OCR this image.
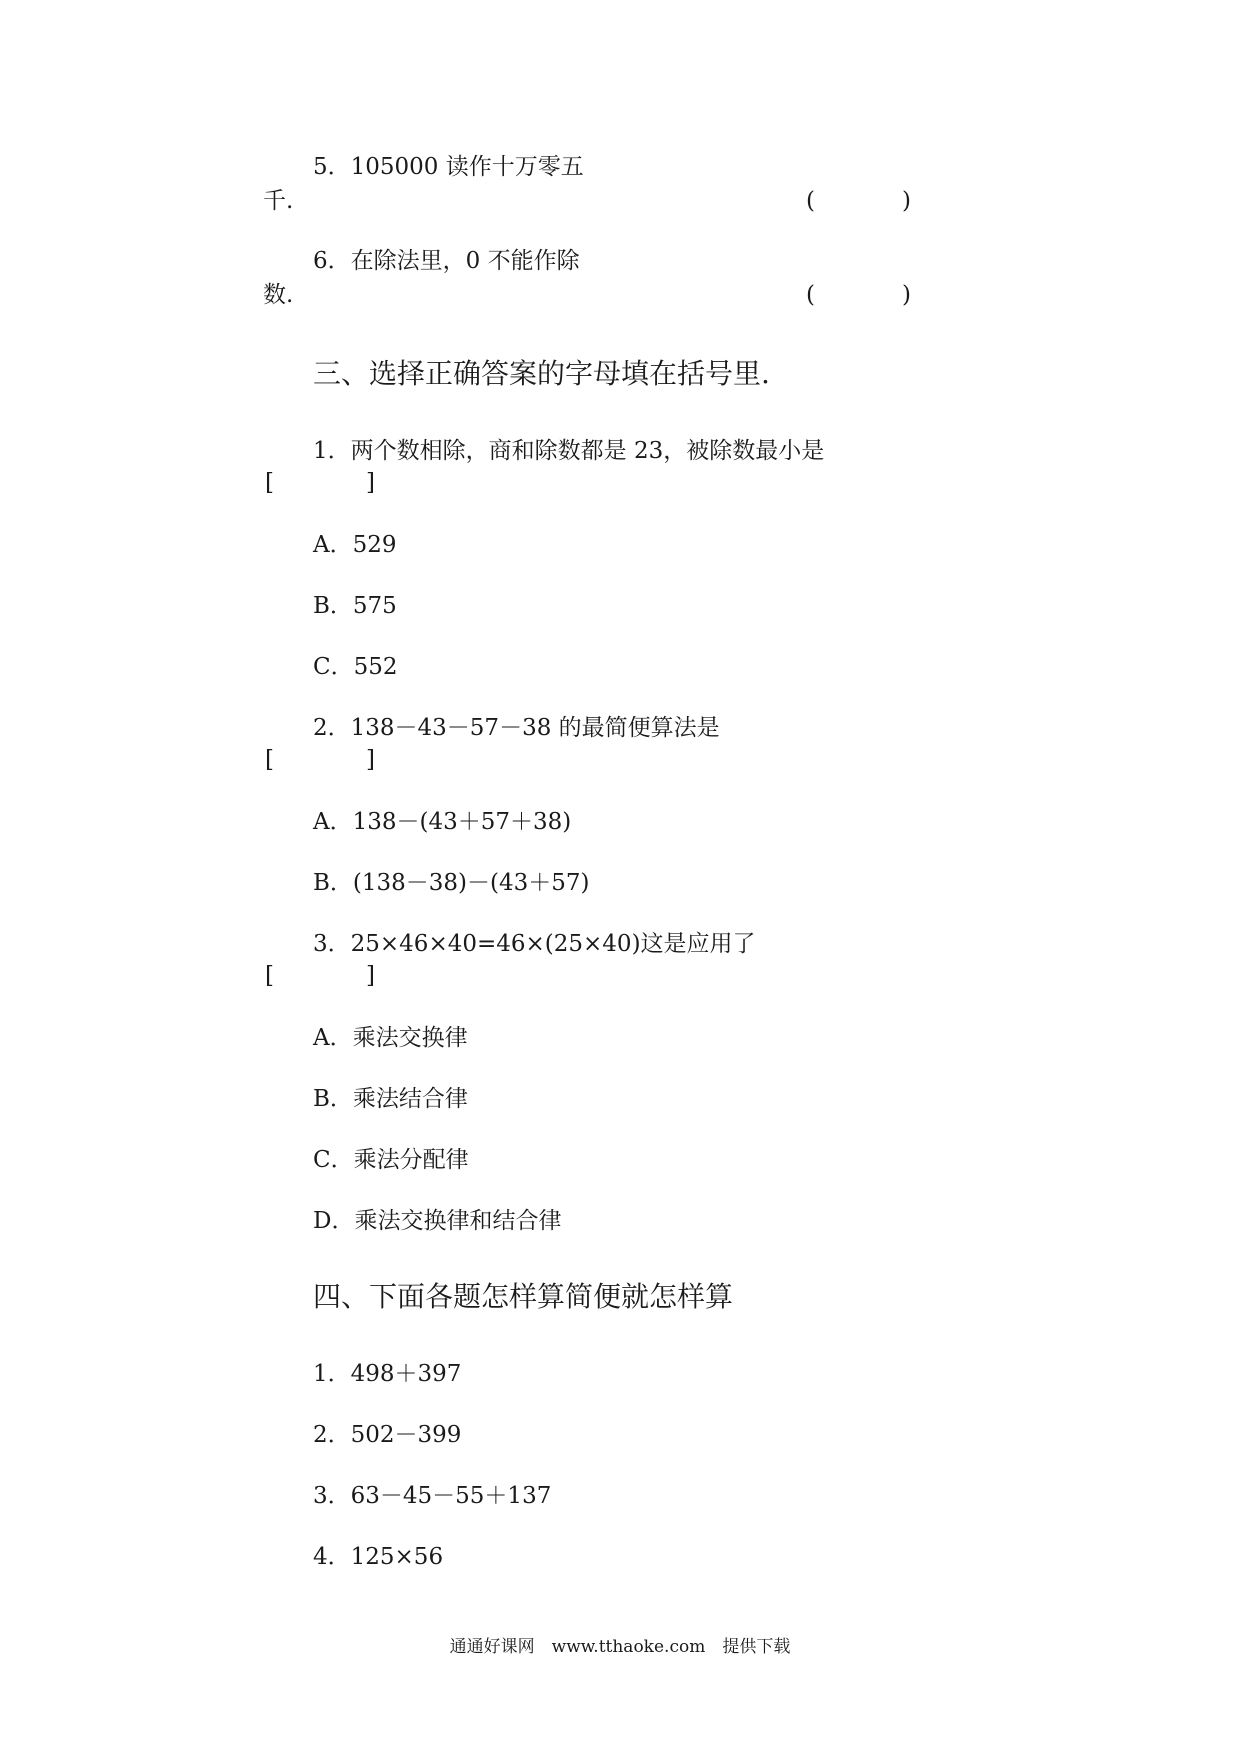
5．105000 读作十万零五
千.	(	)
6．在除法里，0 不能作除
数.	(	)
三、选择正确答案的字母填在括号里.
1．两个数相除，商和除数都是 23，被除数最小是
[　　　　]
A．529
B．575
C．552
2．138－43－57－38 的最简便算法是
[　　　　]
A．138－(43＋57＋38)
B．(138－38)－(43＋57)
3．25×46×40=46×(25×40)这是应用了
[　　　　]
A．乘法交换律
B．乘法结合律
C．乘法分配律
D．乘法交换律和结合律
四、下面各题怎样算简便就怎样算
1．498＋397
2．502－399
3．63－45－55＋137
4．125×56
通通好课网　www.tthaoke.com　提供下载
